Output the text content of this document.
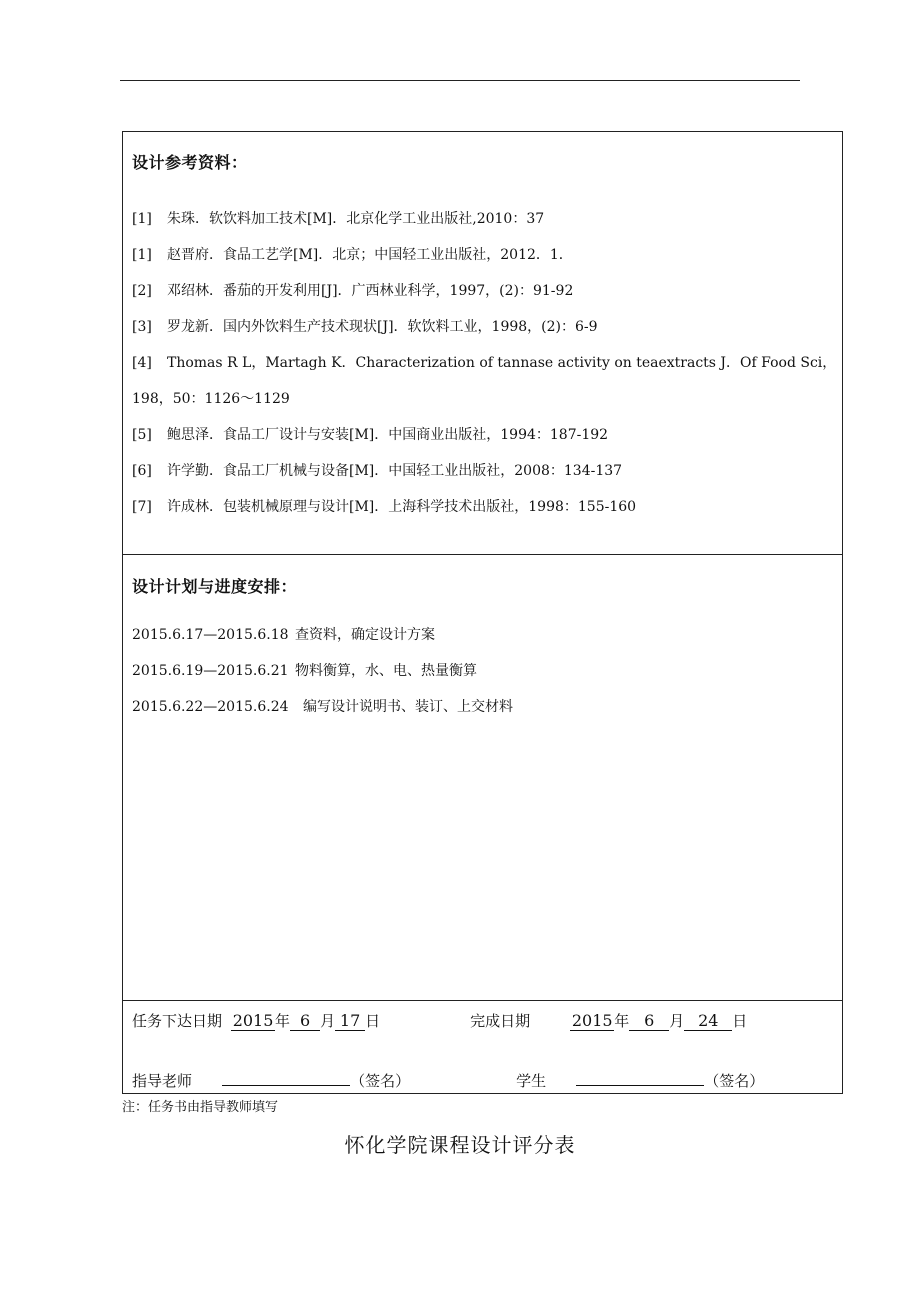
设计参考资料：
[1] 朱珠．软饮料加工技术[M]．北京化学工业出版社,2010：37
[1] 赵晋府．食品工艺学[M]．北京；中国轻工业出版社，2012．1．
[2] 邓绍林．番茄的开发利用[J]．广西林业科学，1997，(2)：91-92
[3] 罗龙新．国内外饮料生产技术现状[J]．软饮料工业，1998，(2)：6-9
[4] Thomas R L，Martagh K．Characterization of tannase activity on teaextracts J．Of Food Sci，198，50：1126～1129
[5] 鲍思泽．食品工厂设计与安装[M]．中国商业出版社，1994：187-192
[6] 许学勤．食品工厂机械与设备[M]．中国轻工业出版社，2008：134-137
[7] 许成林．包装机械原理与设计[M]．上海科学技术出版社，1998：155-160
设计计划与进度安排：
2015.6.17—2015.6.18 查资料，确定设计方案
2015.6.19—2015.6.21 物料衡算，水、电、热量衡算
2015.6.22—2015.6.24 编写设计说明书、装订、上交材料
任务下达日期 2015 年 6 月 17 日	完成日期	2015 年 6 月 24 日
指导老师	（签名）	学生	（签名）
注：任务书由指导教师填写
怀化学院课程设计评分表
